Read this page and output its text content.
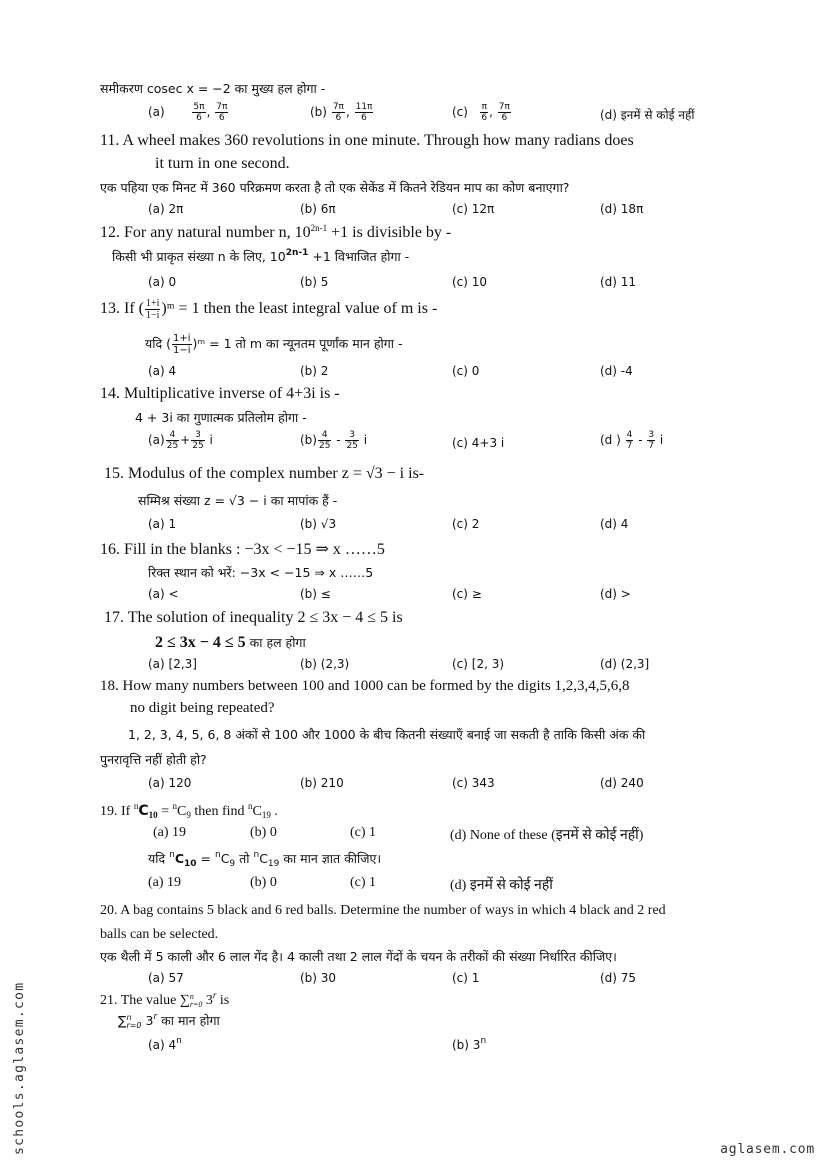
समीकरण cosec x = −2 का मुख्य हल होगा -
(a)	$\frac{5\pi}{6}$ , $\frac{7\pi}{6}$	$(b) \frac{7\pi}{6}$ , $\frac{11\pi}{6}$	$(c) \frac{\pi}{6}$ , $\frac{7\pi}{6}$	(d) इनमें से कोई नहीं
11. A wheel makes 360 revolutions in one minute. Through how many radians does
it turn in one second.
एक पहिया एक मिनट में 360 परिक्रमण करता है तो एक सेकेंड में कितने रेडियन माप का कोण बनाएगा?
(a) 2π	(b) 6π	(c) 12π	(d) 18π
12. For any natural number n, $10^{2n-1} +1$ is divisible by -
किसी भी प्राकृत संख्या n के लिए, $10^{2n-1} +1$ विभाजित होगा -
(a) 0	(b) 5	(c) 10	(d) 11
13. If ( $\frac{1+i}{1-i}$ )ᵐ = 1 then the least integral value of m is -
यदि ( $\frac{1+i}{1-i}$ )ᵐ = 1 तो m का न्यूनतम पूर्णांक मान होगा -
(a) 4	(b) 2	(c) 0	(d) -4
14. Multiplicative inverse of 4+3i is -
4 + 3i का गुणात्मक प्रतिलोम होगा -
$(a) \frac{4}{25} + \frac{3}{25}$ i	$(b) \frac{4}{25} - \frac{3}{25}$ i	(c) 4+3 i	(d ) $\frac{4}{7} - \frac{3}{7}$ i
15. Modulus of the complex number z = √3 − i is-
सम्मिश्र संख्या z = √3 − i का मापांक हैं -
(a) 1	(b) √3	(c) 2	(d) 4
16. Fill in the blanks : −3x < −15 ⇒ x ……5
रिक्त स्थान को भरें: −3x < −15 ⇒ x ……5
(a) <	(b) ≤	(c) ≥	(d) >
17. The solution of inequality 2 ≤ 3x − 4 ≤ 5 is
2 ≤ 3x − 4 ≤ 5 का हल होगा
(a) [2,3]	(b) (2,3)	(c) [2, 3)	(d) (2,3]
18. How many numbers between 100 and 1000 can be formed by the digits 1,2,3,4,5,6,8
no digit being repeated?
1, 2, 3, 4, 5, 6, 8 अंकों से 100 और 1000 के बीच कितनी संख्याएँ बनाई जा सकती है ताकि किसी अंक की
पुनरावृत्ति नहीं होती हो?
(a) 120	(b) 210	(c) 343	(d) 240
19. If $^nC_{10} = ^nC_9$ then find $^nC_{19}$ .
(a) 19	(b) 0	(c) 1	(d) None of these (इनमें से कोई नहीं)
यदि $^nC_{10} = ^nC_9$ तो $^nC_{19}$ का मान ज्ञात कीजिए।
(a) 19	(b) 0	(c) 1	(d) इनमें से कोई नहीं
20. A bag contains 5 black and 6 red balls. Determine the number of ways in which 4 black and 2 red
balls can be selected.
एक थैली में 5 काली और 6 लाल गेंद है। 4 काली तथा 2 लाल गेंदों के चयन के तरीकों की संख्या निर्धारित कीजिए।
(a) 57	(b) 30	(c) 1	(d) 75
21. The value ∑ n
r=0 3$^r$ is
∑ n
r=0 3$^r$ का मान होगा
(a) 4$^n$	(b) 3$^n$
schools.aglasem.com	aglasem.com
